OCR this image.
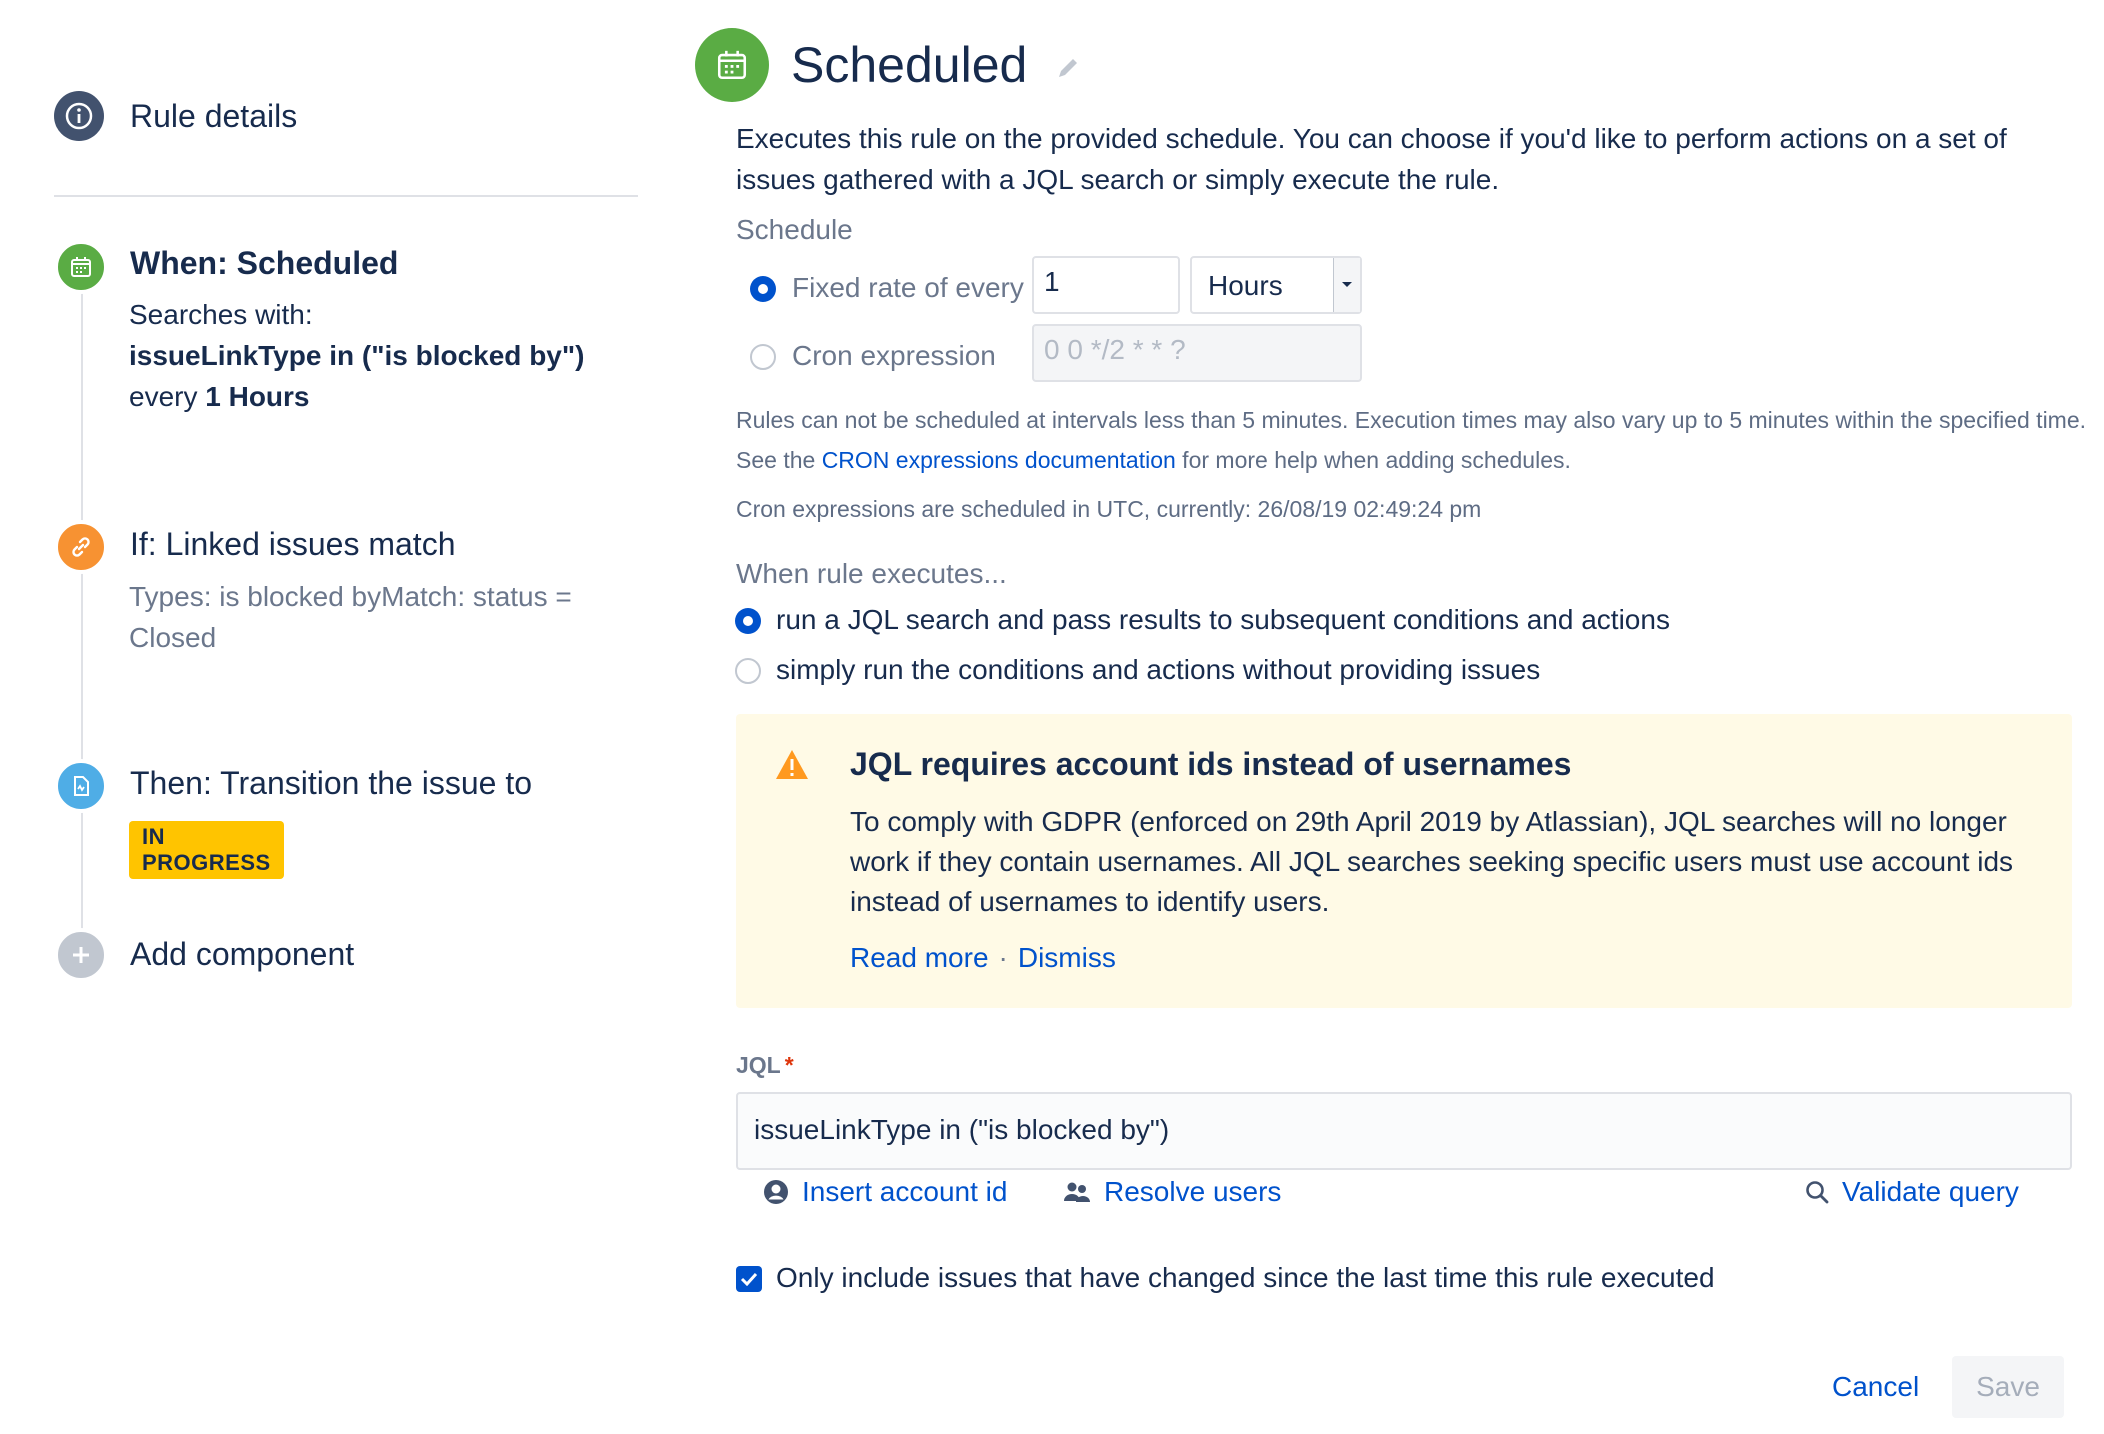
Rule details
When: Scheduled
Searches with:
issueLinkType in ("is blocked by")
every 1 Hours
If: Linked issues match
Types: is blocked byMatch: status = Closed
Then: Transition the issue to
IN PROGRESS
Add component
Scheduled
Executes this rule on the provided schedule. You can choose if you'd like to perform actions on a set of issues gathered with a JQL search or simply execute the rule.
Schedule
Fixed rate of every 1	Hours
Cron expression	0 0 */2 * * ?
Rules can not be scheduled at intervals less than 5 minutes. Execution times may also vary up to 5 minutes within the specified time. See the CRON expressions documentation for more help when adding schedules.
Cron expressions are scheduled in UTC, currently: 26/08/19 02:49:24 pm
When rule executes...
run a JQL search and pass results to subsequent conditions and actions
simply run the conditions and actions without providing issues
JQL requires account ids instead of usernames
To comply with GDPR (enforced on 29th April 2019 by Atlassian), JQL searches will no longer work if they contain usernames. All JQL searches seeking specific users must use account ids instead of usernames to identify users.
Read more · Dismiss
JQL *
issueLinkType in ("is blocked by")
Insert account id	Resolve users	Validate query
Only include issues that have changed since the last time this rule executed
Cancel	Save
